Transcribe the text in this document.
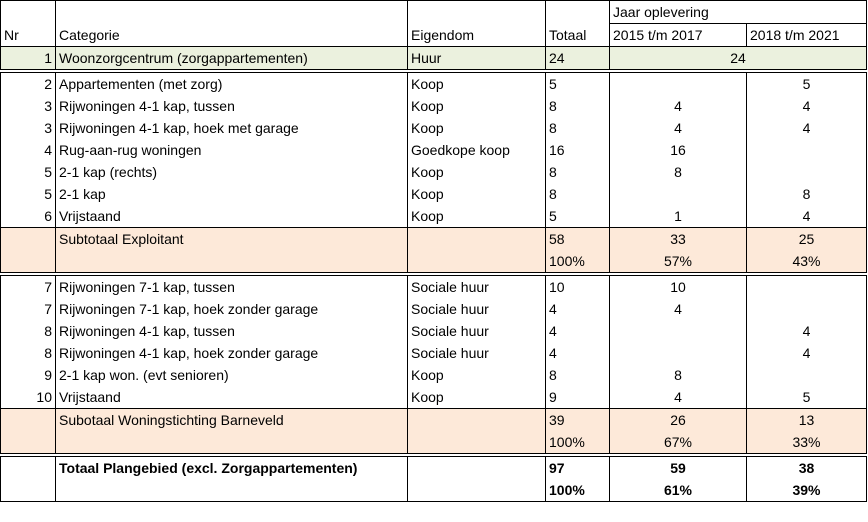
				Jaar oplevering	
Nr	Categorie	Eigendom	Totaal	2015 t/m 2017	2018 t/m 2021
1	Woonzorgcentrum (zorgappartementen)	Huur	24	24	

2	Appartementen (met zorg)	Koop	5		5
3	Rijwoningen 4-1 kap, tussen	Koop	8	4	4
3	Rijwoningen 4-1 kap, hoek met garage	Koop	8	4	4
4	Rug-aan-rug woningen	Goedkope koop	16	16	
5	2-1 kap (rechts)	Koop	8	8	
5	2-1 kap	Koop	8		8
6	Vrijstaand	Koop	5	1	4
	Subtotaal Exploitant		58	33	25
			100%	57%	43%

7	Rijwoningen 7-1 kap, tussen	Sociale huur	10	10	
7	Rijwoningen 7-1 kap, hoek zonder garage	Sociale huur	4	4	
8	Rijwoningen 4-1 kap, tussen	Sociale huur	4		4
8	Rijwoningen 4-1 kap, hoek zonder garage	Sociale huur	4		4
9	2-1 kap won. (evt senioren)	Koop	8	8	
10	Vrijstaand	Koop	9	4	5
	Subotaal Woningstichting Barneveld		39	26	13
			100%	67%	33%

	Totaal Plangebied (excl. Zorgappartementen)		97	59	38
			100%	61%	39%
